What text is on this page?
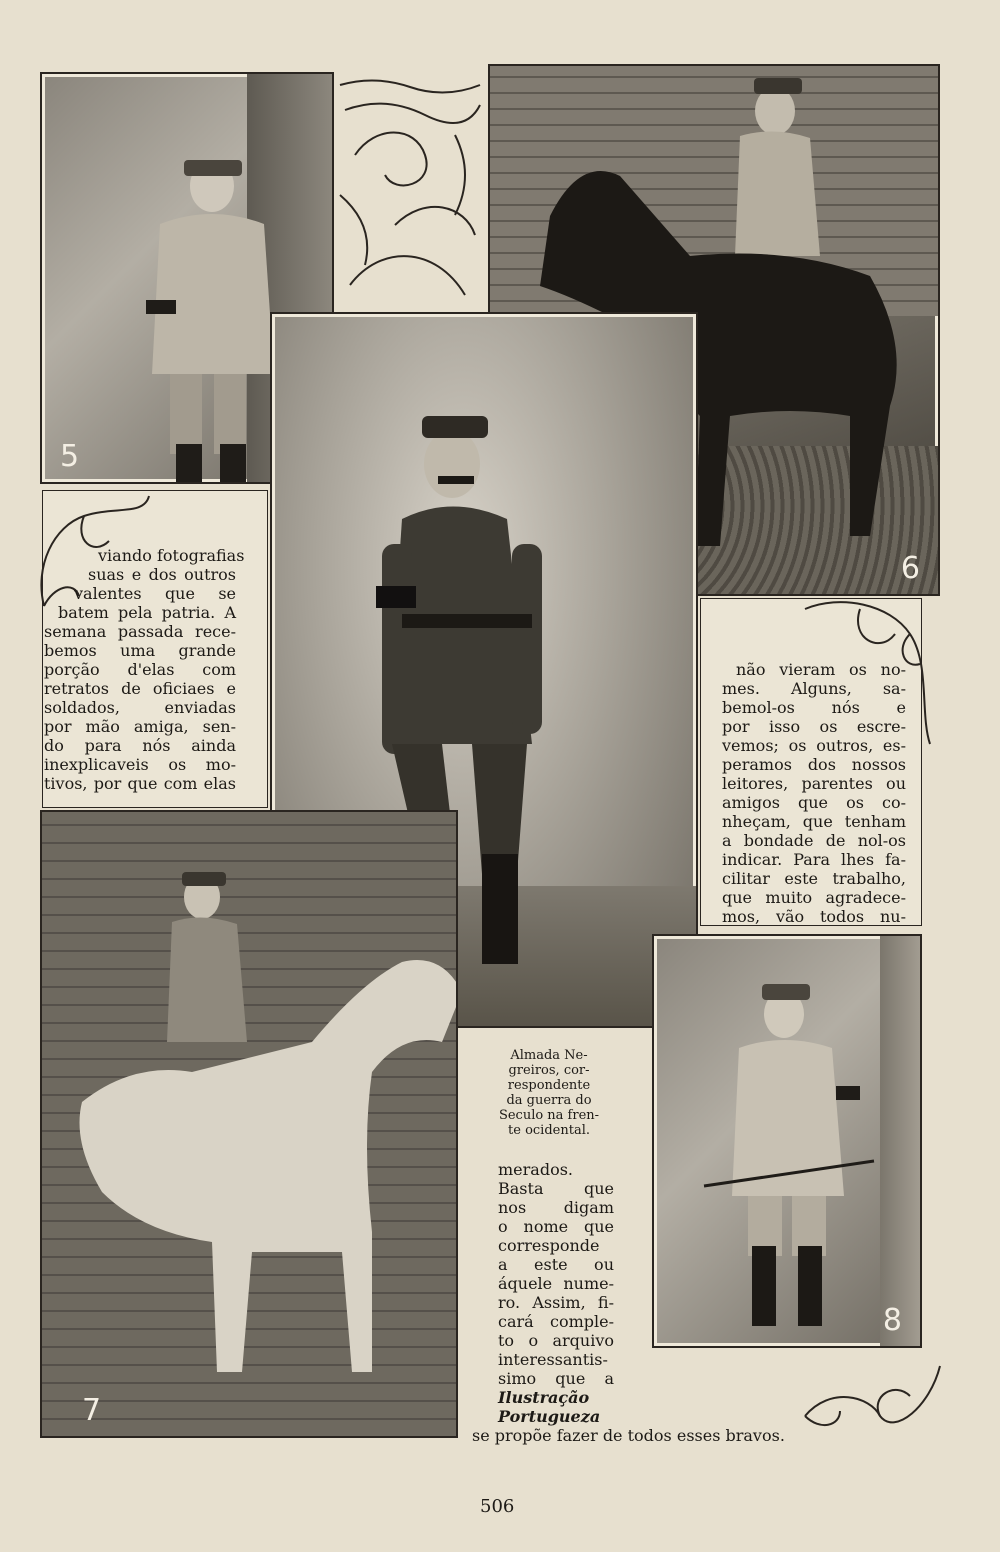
5
6
viando fotografias
suas e dos outros
valentes que se
batem pela patria. A
semana passada rece-
bemos uma grande
porção d'elas com
retratos de oficiaes e
soldados, enviadas
por mão amiga, sen-
do para nós ainda
inexplicaveis os mo-
tivos, por que com elas
não vieram os no-
mes. Alguns, sa-
bemol-os nós e
por isso os escre-
vemos; os outros, es-
peramos dos nossos
leitores, parentes ou
amigos que os co-
nheçam, que tenham
a bondade de nol-os
indicar. Para lhes fa-
cilitar este trabalho,
que muito agradece-
mos, vão todos nu-
7
Almada Ne-
greiros, cor-
respondente
da guerra do
Seculo na fren-
te ocidental.
merados.
Basta que
nos digam
o nome que
corresponde
a este ou
áquele nume-
ro. Assim, fi-
cará comple-
to o arquivo
interessantis-
simo que a
Ilustração
Portugueza
se propõe fazer de todos esses bravos.
8
506
